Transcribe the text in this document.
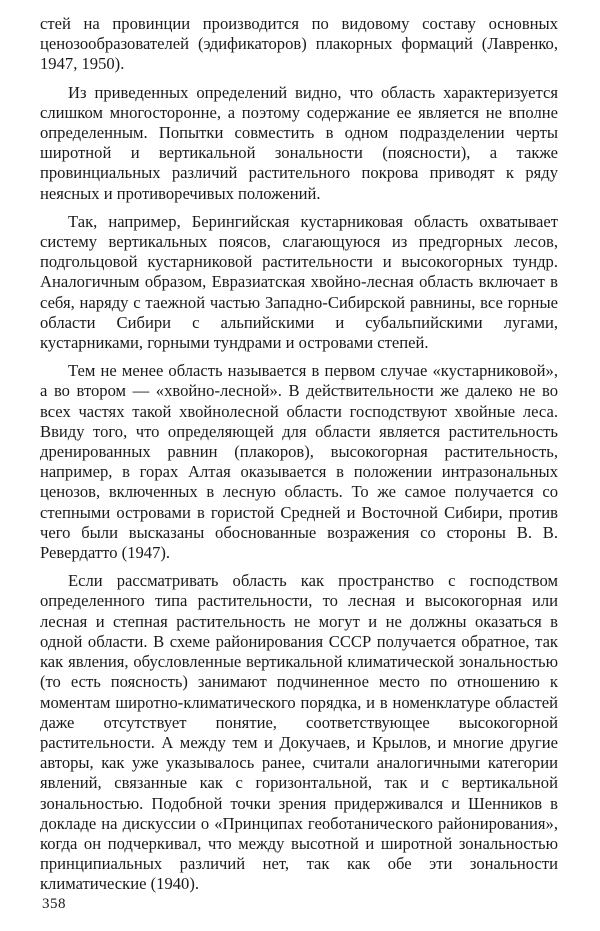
стей на провинции производится по видовому составу основных ценозообразователей (эдификаторов) плакорных формаций (Лавренко, 1947, 1950).

Из приведенных определений видно, что область характеризуется слишком многосторонне, а поэтому содержание ее является не вполне определенным. Попытки совместить в одном подразделении черты широтной и вертикальной зональности (поясности), а также провинциальных различий растительного покрова приводят к ряду неясных и противоречивых положений.

Так, например, Берингийская кустарниковая область охватывает систему вертикальных поясов, слагающуюся из предгорных лесов, подгольцовой кустарниковой растительности и высокогорных тундр. Аналогичным образом, Евразиатская хвойно-лесная область включает в себя, наряду с таежной частью Западно-Сибирской равнины, все горные области Сибири с альпийскими и субальпийскими лугами, кустарниками, горными тундрами и островами степей.

Тем не менее область называется в первом случае «кустарниковой», а во втором — «хвойно-лесной». В действительности же далеко не во всех частях такой хвойнолесной области господствуют хвойные леса. Ввиду того, что определяющей для области является растительность дренированных равнин (плакоров), высокогорная растительность, например, в горах Алтая оказывается в положении интразональных ценозов, включенных в лесную область. То же самое получается со степными островами в гористой Средней и Восточной Сибири, против чего были высказаны обоснованные возражения со стороны В. В. Ревердатто (1947).

Если рассматривать область как пространство с господством определенного типа растительности, то лесная и высокогорная или лесная и степная растительность не могут и не должны оказаться в одной области. В схеме районирования СССР получается обратное, так как явления, обусловленные вертикальной климатической зональностью (то есть поясность) занимают подчиненное место по отношению к моментам широтно-климатического порядка, и в номенклатуре областей даже отсутствует понятие, соответствующее высокогорной растительности. А между тем и Докучаев, и Крылов, и многие другие авторы, как уже указывалось ранее, считали аналогичными категории явлений, связанные как с горизонтальной, так и с вертикальной зональностью. Подобной точки зрения придерживался и Шенников в докладе на дискуссии о «Принципах геоботанического районирования», когда он подчеркивал, что между высотной и широтной зональностью принципиальных различий нет, так как обе эти зональности климатические (1940).

358
